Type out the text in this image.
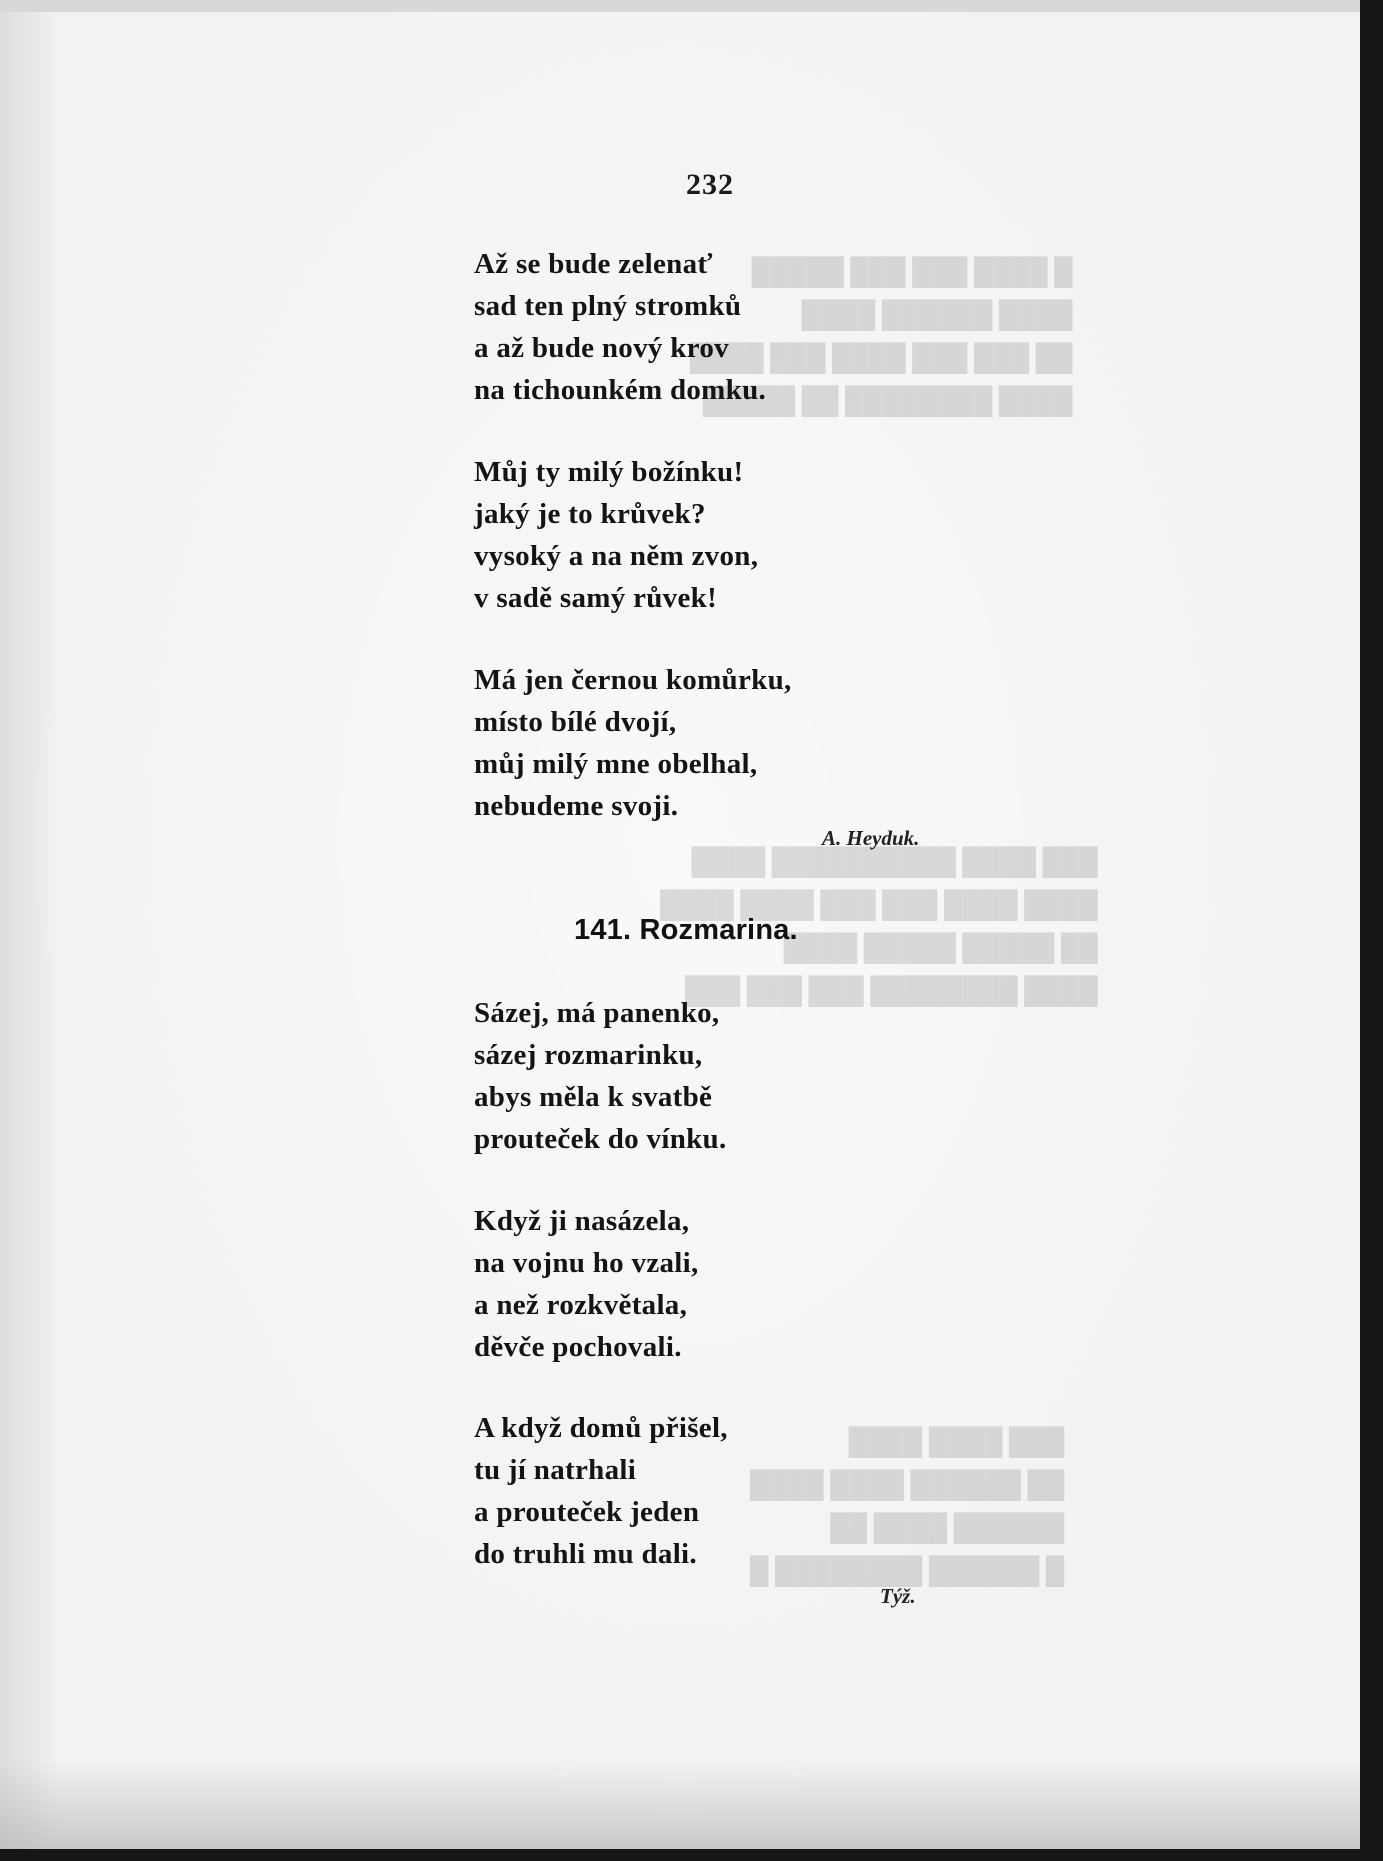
█ ████ ███ ███ █████
████ ██████ ████
██ ███ ███ ████ ███ ████
████ ████████ ██ █████
███ ████ ██████████ ████
████ ████ ███ ███ ████ ████
██ █████ █████ ████
████ ████████ ███ ███ ███
███ ████ ████
██ ██████ ████ ████
██████ ████ ██
█ ██████ ████████ █
232
Až se bude zelenať
sad ten plný stromků
a až bude nový krov
na tichounkém domku.
Můj ty milý božínku!
jaký je to krůvek?
vysoký a na něm zvon,
v sadě samý růvek!
Má jen černou komůrku,
místo bílé dvojí,
můj milý mne obelhal,
nebudeme svoji.
A. Heyduk.
141. Rozmarina.
Sázej, má panenko,
sázej rozmarinku,
abys měla k svatbě
prouteček do vínku.
Když ji nasázela,
na vojnu ho vzali,
a než rozkvětala,
děvče pochovali.
A když domů přišel,
tu jí natrhali
a prouteček jeden
do truhli mu dali.
Týž.
